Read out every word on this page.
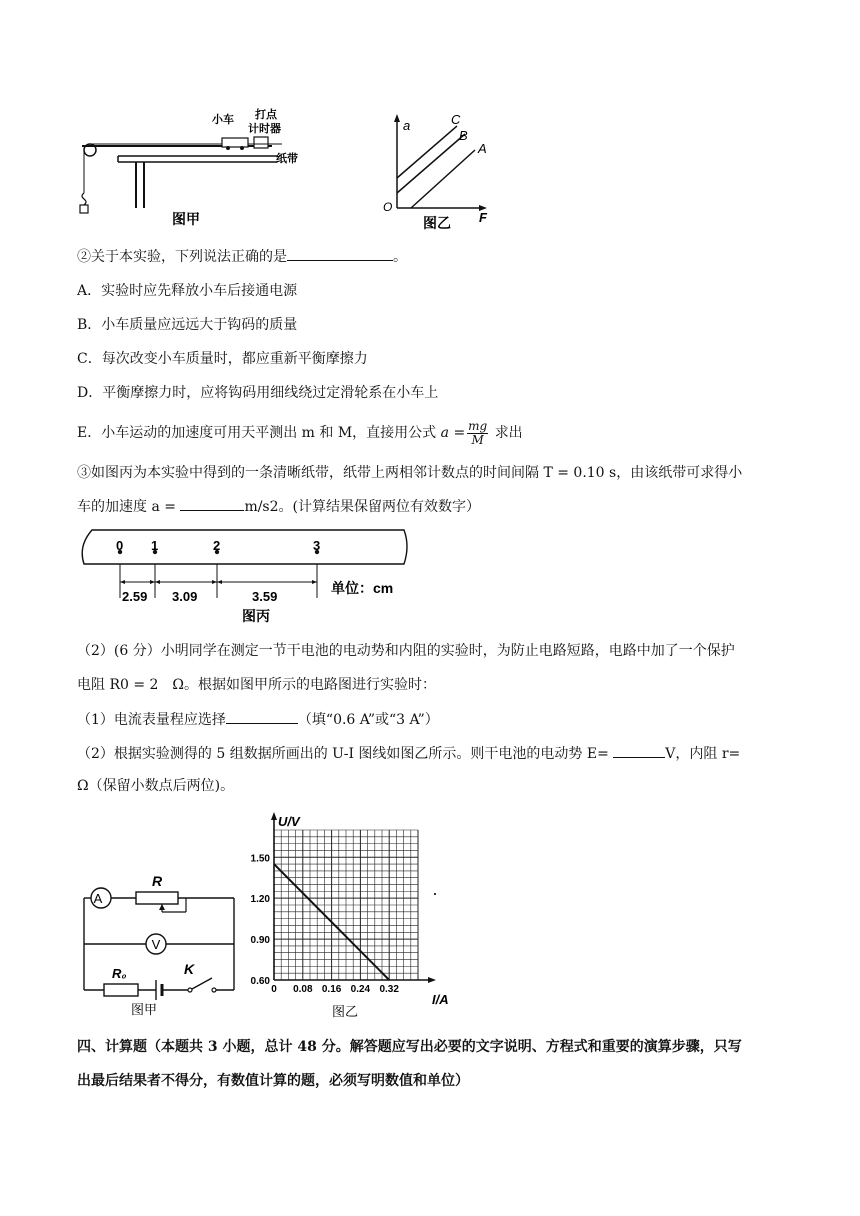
小车 打点
计时器
纸带
图甲
a
F
O
C
B
A
图乙
②关于本实验，下列说法正确的是	。
A．实验时应先释放小车后接通电源
B．小车质量应远远大于钩码的质量
C．每次改变小车质量时，都应重新平衡摩擦力
D．平衡摩擦力时，应将钩码用细线绕过定滑轮系在小车上
E．小车运动的加速度可用天平测出 m 和 M，直接用公式 $a = \frac{mg}{M}$ 求出
③如图丙为本实验中得到的一条清晰纸带，纸带上两相邻计数点的时间间隔 T = 0.10 s，由该纸带可求得小
车的加速度 a =	m/s2。(计算结果保留两位有效数字）
0 1	2	3
2.59 3.09	3.59
单位：cm
图丙
（2）(6 分）小明同学在测定一节干电池的电动势和内阻的实验时，为防止电路短路，电路中加了一个保护
电阻 R0 = 2　Ω。根据如图甲所示的电路图进行实验时：
（1）电流表量程应选择	（填“0.6 A”或“3 A”）
（2）根据实验测得的 5 组数据所画出的 U-I 图线如图乙所示。则干电池的电动势 E=	V，内阻 r=
Ω（保留小数点后两位)。
A
R
V
R₀	K
图甲
0 0.08 0.16 0.24 0.32
1.50
1.20
0.90
0.60
U/V
I/A
图乙
四、计算题（本题共 3 小题，总计 48 分。解答题应写出必要的文字说明、方程式和重要的演算步骤，只写
出最后结果者不得分，有数值计算的题，必须写明数值和单位）
